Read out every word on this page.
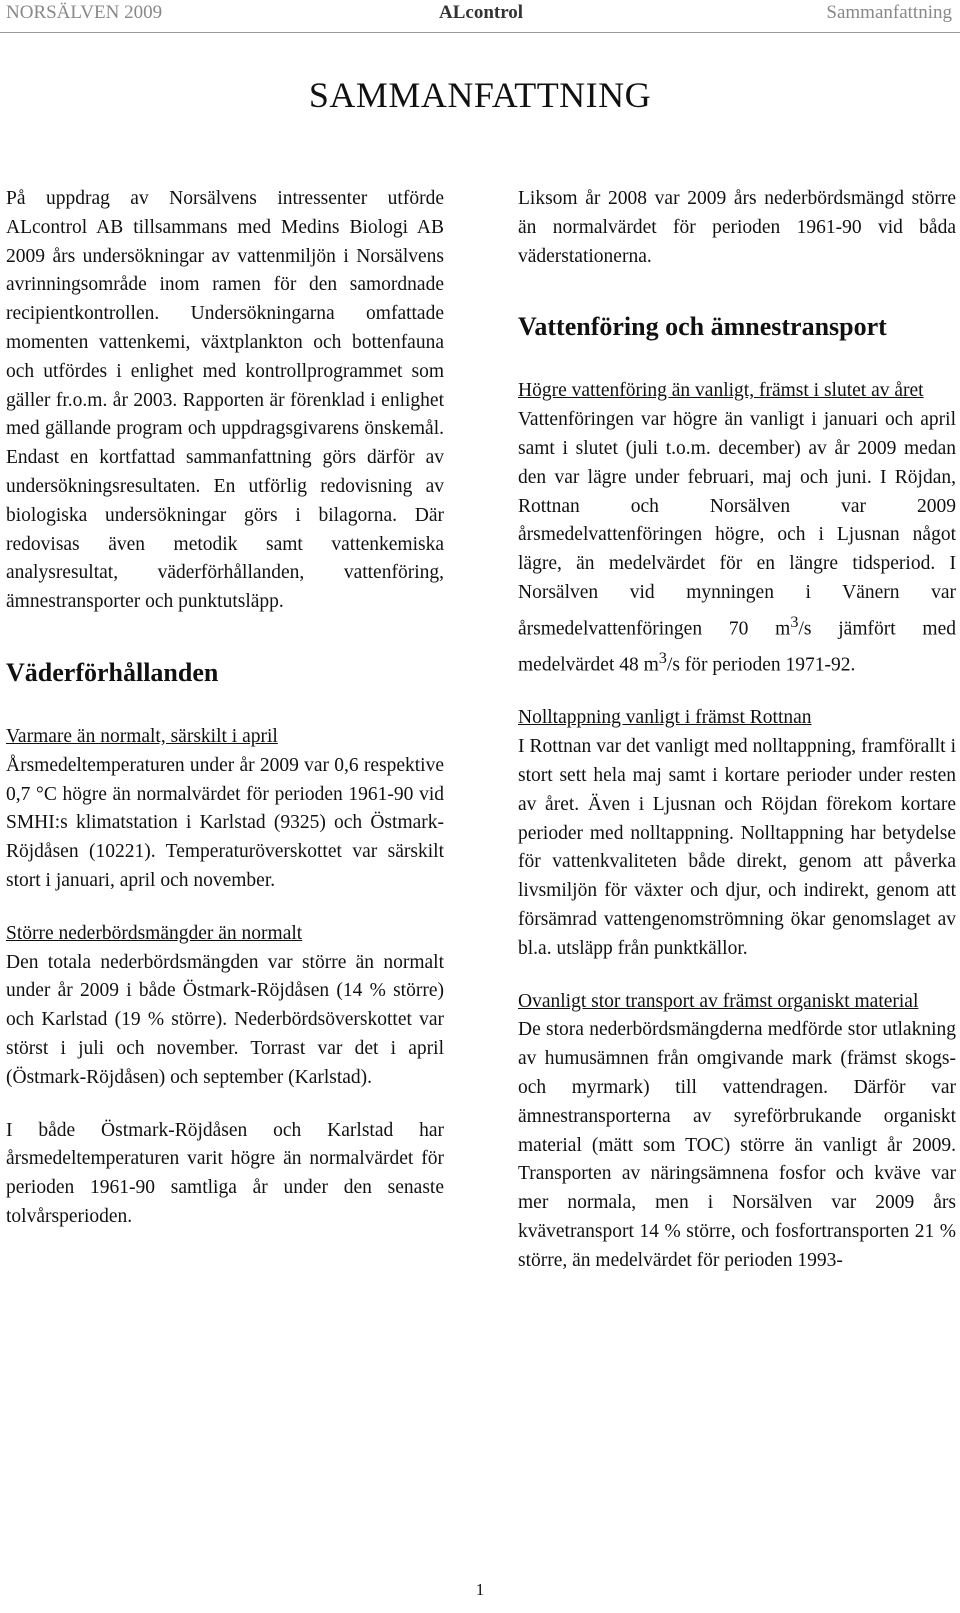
NORSÄLVEN 2009	ALcontrol	Sammanfattning
SAMMANFATTNING

På uppdrag av Norsälvens intressenter utförde ALcontrol AB tillsammans med Medins Biologi AB 2009 års undersökningar av vattenmiljön i Norsälvens avrinningsområde inom ramen för den samordnade recipientkontrollen. Undersökningarna omfattade momenten vattenkemi, växtplankton och bottenfauna och utfördes i enlighet med kontrollprogrammet som gäller fr.o.m. år 2003. Rapporten är förenklad i enlighet med gällande program och uppdragsgivarens önskemål. Endast en kortfattad sammanfattning görs därför av undersökningsresultaten. En utförlig redovisning av biologiska undersökningar görs i bilagorna. Där redovisas även metodik samt vattenkemiska analysresultat, väderförhållanden, vattenföring, ämnestransporter och punktutsläpp.

Väderförhållanden
Varmare än normalt, särskilt i april

Årsmedeltemperaturen under år 2009 var 0,6 respektive 0,7 °C högre än normalvärdet för perioden 1961-90 vid SMHI:s klimatstation i Karlstad (9325) och Östmark-Röjdåsen (10221). Temperaturöverskottet var särskilt stort i januari, april och november.

Större nederbördsmängder än normalt

Den totala nederbördsmängden var större än normalt under år 2009 i både Östmark-Röjdåsen (14 % större) och Karlstad (19 % större). Nederbördsöverskottet var störst i juli och november. Torrast var det i april (Östmark-Röjdåsen) och september (Karlstad).

I både Östmark-Röjdåsen och Karlstad har årsmedeltemperaturen varit högre än normalvärdet för perioden 1961-90 samtliga år under den senaste tolvårsperioden.

Liksom år 2008 var 2009 års nederbördsmängd större än normalvärdet för perioden 1961-90 vid båda väderstationerna.

Vattenföring och ämnestransport
Högre vattenföring än vanligt, främst i slutet av året

Vattenföringen var högre än vanligt i januari och april samt i slutet (juli t.o.m. december) av år 2009 medan den var lägre under februari, maj och juni. I Röjdan, Rottnan och Norsälven var 2009 årsmedelvattenföringen högre, och i Ljusnan något lägre, än medelvärdet för en längre tidsperiod. I Norsälven vid mynningen i Vänern var årsmedelvattenföringen 70 $m^3/s$ jämfört med medelvärdet 48 $m^3/s$ för perioden 1971-92.

Nolltappning vanligt i främst Rottnan

I Rottnan var det vanligt med nolltappning, framförallt i stort sett hela maj samt i kortare perioder under resten av året. Även i Ljusnan och Röjdan förekom kortare perioder med nolltappning. Nolltappning har betydelse för vattenkvaliteten både direkt, genom att påverka livsmiljön för växter och djur, och indirekt, genom att försämrad vattengenomströmning ökar genomslaget av bl.a. utsläpp från punktkällor.

Ovanligt stor transport av främst organiskt material

De stora nederbördsmängderna medförde stor utlakning av humusämnen från omgivande mark (främst skogs- och myrmark) till vattendragen. Därför var ämnestransporterna av syreförbrukande organiskt material (mätt som TOC) större än vanligt år 2009. Transporten av näringsämnena fosfor och kväve var mer normala, men i Norsälven var 2009 års kvävetransport 14 % större, och fosfortransporten 21 % större, än medelvärdet för perioden 1993-

1
